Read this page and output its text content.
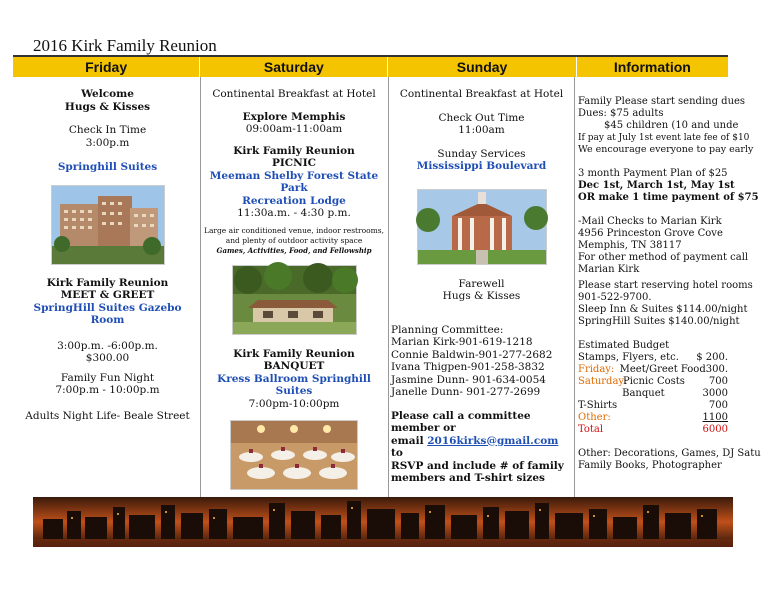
2016 Kirk Family Reunion
Friday	Saturday	Sunday	Information
Welcome
Hugs & Kisses
Check In Time
3:00p.m
Springhill Suites
Kirk Family Reunion
MEET & GREET
SpringHill Suites Gazebo Room
3:00p.m. -6:00p.m.
$300.00
Family Fun Night
7:00p.m - 10:00p.m
Adults Night Life- Beale Street
Continental Breakfast at Hotel
Explore Memphis
09:00am-11:00am
Kirk Family Reunion
PICNIC
Meeman Shelby Forest State Park
Recreation Lodge
11:30a.m. - 4:30 p.m.
Large air conditioned venue, indoor restrooms,
and plenty of outdoor activity space
Games, Activities, Food, and Fellowship
Kirk Family Reunion
BANQUET
Kress Ballroom Springhill Suites
7:00pm-10:00pm
Continental Breakfast at Hotel
Check Out Time
11:00am
Sunday Services
Mississippi Boulevard
Farewell
Hugs & Kisses
Planning Committee:
Marian Kirk-901-619-1218
Connie Baldwin-901-277-2682
Ivana Thigpen-901-258-3832
Jasmine Dunn- 901-634-0054
Janelle Dunn- 901-277-2699
Please call a committee member or
email 2016kirks@gmail.com to
RSVP and include # of family
members and T-shirt sizes
Family Please start sending dues
Dues: $75 adults
$45 children (10 and unde
If pay at July 1st event late fee of $10
We encourage everyone to pay early
3 month Payment Plan of $25
Dec 1st, March 1st, May 1st
OR make 1 time payment of $75
-Mail Checks to Marian Kirk
4956 Princeston Grove Cove
Memphis, TN 38117
For other method of payment call
Marian Kirk
Please start reserving hotel rooms
901-522-9700.
Sleep Inn & Suites $114.00/night
SpringHill Suites $140.00/night
Estimated Budget
Stamps, Flyers, etc.	$ 200.
Friday: Meet/Greet Food 300.
Saturday:
Picnic Costs	700
Banquet	3000
T-Shirts	700
Other:	1100
Total	6000
Other: Decorations, Games, DJ Satu
Family Books, Photographer
